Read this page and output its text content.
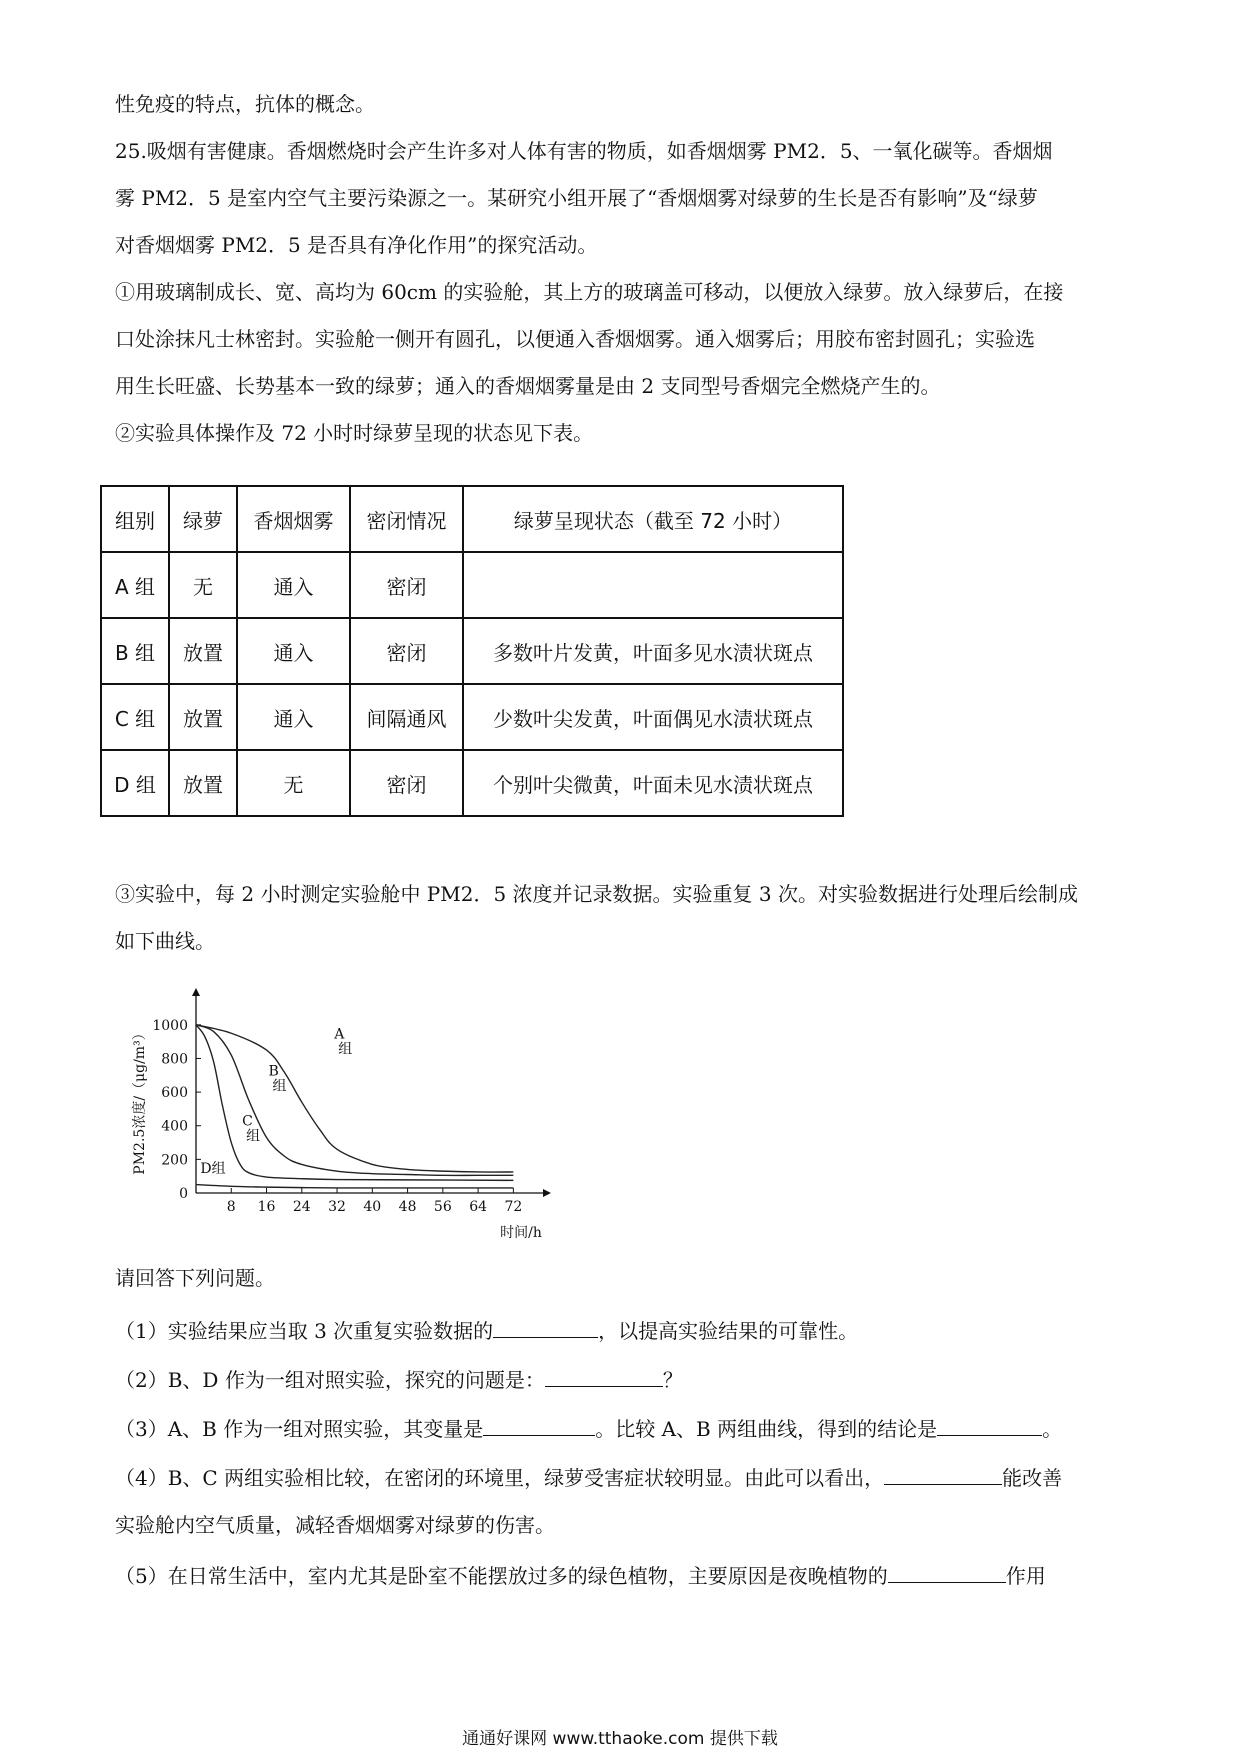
性免疫的特点，抗体的概念。
25.吸烟有害健康。香烟燃烧时会产生许多对人体有害的物质，如香烟烟雾 PM2．5、一氧化碳等。香烟烟
雾 PM2．5 是室内空气主要污染源之一。某研究小组开展了“香烟烟雾对绿萝的生长是否有影响”及“绿萝
对香烟烟雾 PM2．5 是否具有净化作用”的探究活动。
①用玻璃制成长、宽、高均为 60cm 的实验舱，其上方的玻璃盖可移动，以便放入绿萝。放入绿萝后，在接
口处涂抹凡士林密封。实验舱一侧开有圆孔，以便通入香烟烟雾。通入烟雾后；用胶布密封圆孔；实验选
用生长旺盛、长势基本一致的绿萝；通入的香烟烟雾量是由 2 支同型号香烟完全燃烧产生的。
②实验具体操作及 72 小时时绿萝呈现的状态见下表。
组别	绿萝	香烟烟雾	密闭情况	绿萝呈现状态（截至 72 小时）
A 组	无	通入	密闭	
B 组	放置	通入	密闭	多数叶片发黄，叶面多见水渍状斑点
C 组	放置	通入	间隔通风	少数叶尖发黄，叶面偶见水渍状斑点
D 组	放置	无	密闭	个别叶尖微黄，叶面未见水渍状斑点
③实验中，每 2 小时测定实验舱中 PM2．5 浓度并记录数据。实验重复 3 次。对实验数据进行处理后绘制成
如下曲线。
8 16 24 32 40 48 56 64 72
0
200
400
600
800
1000
时间/h
PM2.5浓度/（μg/m³）	A 组
B 组
C 组
D组
请回答下列问题。
（1）实验结果应当取 3 次重复实验数据的	，以提高实验结果的可靠性。
（2）B、D 作为一组对照实验，探究的问题是：	？
（3）A、B 作为一组对照实验，其变量是	。比较 A、B 两组曲线，得到的结论是	。
（4）B、C 两组实验相比较，在密闭的环境里，绿萝受害症状较明显。由此可以看出，	能改善
实验舱内空气质量，减轻香烟烟雾对绿萝的伤害。
（5）在日常生活中，室内尤其是卧室不能摆放过多的绿色植物，主要原因是夜晚植物的	作用
通通好课网 www.tthaoke.com 提供下载
